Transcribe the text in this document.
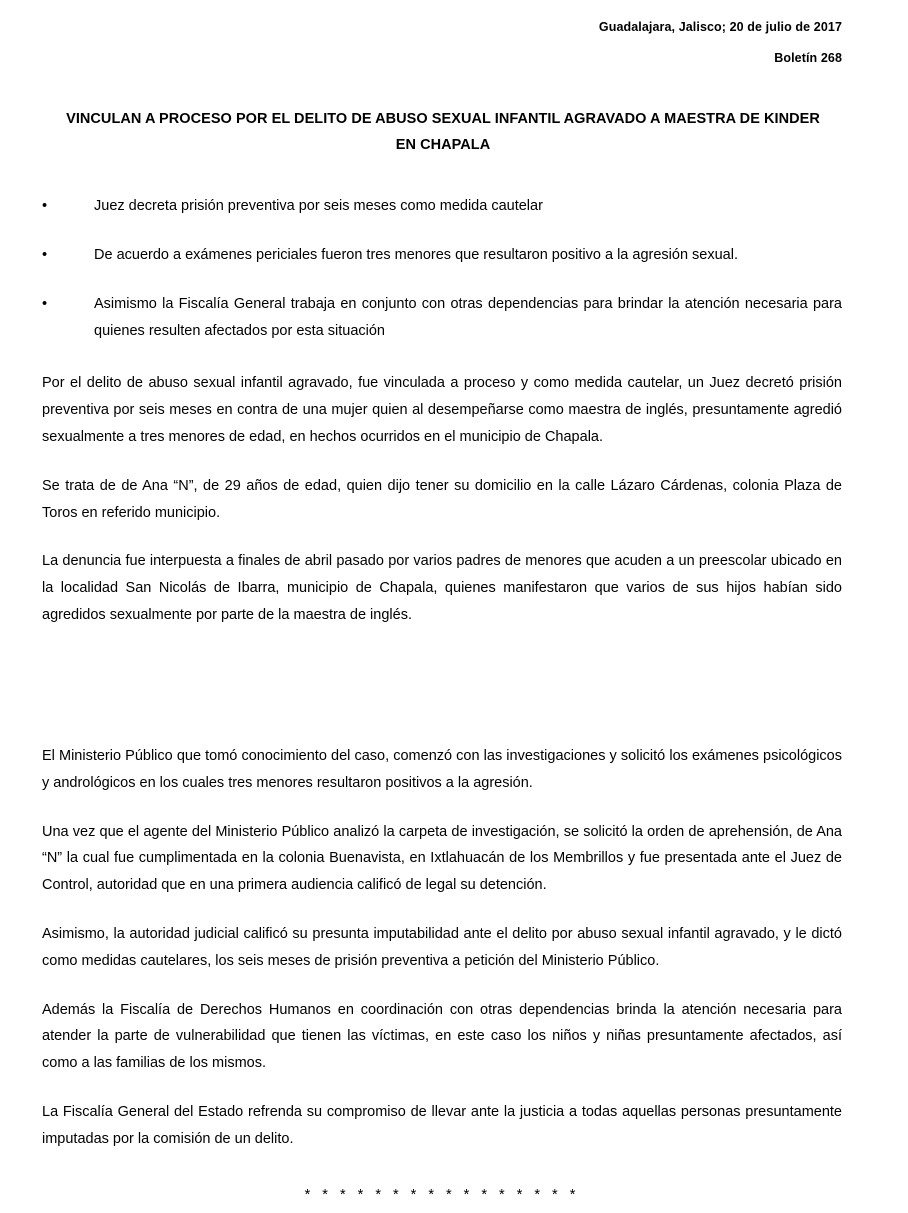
Guadalajara, Jalisco; 20 de julio de 2017
Boletín 268
VINCULAN A PROCESO POR EL DELITO DE ABUSO SEXUAL INFANTIL AGRAVADO A MAESTRA DE KINDER EN CHAPALA
•	Juez decreta prisión preventiva por seis meses como medida cautelar
•	De acuerdo a exámenes periciales fueron tres menores que resultaron positivo a la agresión sexual.
•	Asimismo la Fiscalía General trabaja en conjunto con otras dependencias para brindar la atención necesaria para quienes resulten afectados por esta situación

Por el delito de abuso sexual infantil agravado, fue vinculada a proceso y como medida cautelar, un Juez decretó prisión preventiva por seis meses en contra de una mujer quien al desempeñarse como maestra de inglés, presuntamente agredió sexualmente a tres menores de edad, en hechos ocurridos en el municipio de Chapala.

Se trata de de Ana “N”, de 29 años de edad, quien dijo tener su domicilio en la calle Lázaro Cárdenas, colonia Plaza de Toros en referido municipio.

La denuncia fue interpuesta a finales de abril pasado por varios padres de menores que acuden a un preescolar ubicado en la localidad San Nicolás de Ibarra, municipio de Chapala, quienes manifestaron que varios de sus hijos habían sido agredidos sexualmente por parte de la maestra de inglés.

El Ministerio Público que tomó conocimiento del caso, comenzó con las investigaciones y solicitó los exámenes psicológicos y andrológicos en los cuales tres menores resultaron positivos a la agresión.

Una vez que el agente del Ministerio Público analizó la carpeta de investigación, se solicitó la orden de aprehensión, de Ana “N” la cual fue cumplimentada en la colonia Buenavista, en Ixtlahuacán de los Membrillos y fue presentada ante el Juez de Control, autoridad que en una primera audiencia calificó de legal su detención.

Asimismo, la autoridad judicial calificó su presunta imputabilidad ante el delito por abuso sexual infantil agravado, y le dictó como medidas cautelares, los seis meses de prisión preventiva a petición del Ministerio Público.

Además la Fiscalía de Derechos Humanos en coordinación con otras dependencias brinda la atención necesaria para atender la parte de vulnerabilidad que tienen las víctimas, en este caso los niños y niñas presuntamente afectados, así como a las familias de los mismos.

La Fiscalía General del Estado refrenda su compromiso de llevar ante la justicia a todas aquellas personas presuntamente imputadas por la comisión de un delito.

* * * * * * * * * * * * * * * *
